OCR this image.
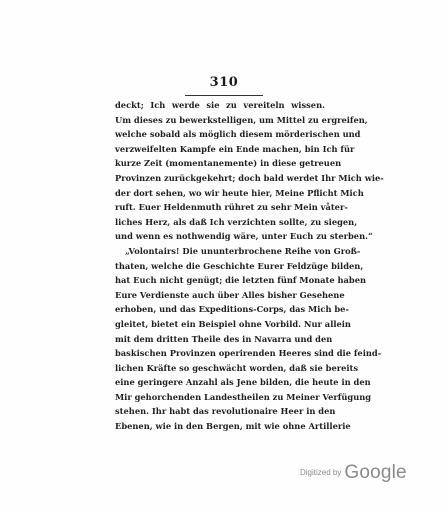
310
deckt; Ich werde sie zu vereiteln wissen.
Um dieses zu bewerkstelligen, um Mittel zu ergreifen,
welche sobald als möglich diesem mörderischen und
verzweifelten Kampfe ein Ende machen, bin Ich für
kurze Zeit (momentanemente) in diese getreuen
Provinzen zurückgekehrt; doch bald werdet Ihr Mich wie-
der dort sehen, wo wir heute hier, Meine Pflicht Mich
ruft. Euer Heldenmuth rühret zu sehr Mein våter-
liches Herz, als daß Ich verzichten sollte, zu siegen,
und wenn es nothwendig wäre, unter Euch zu sterben.“
„Volontairs! Die ununterbrochene Reihe von Groß-
thaten, welche die Geschichte Eurer Feldzüge bilden,
hat Euch nicht genügt; die letzten fünf Monate haben
Eure Verdienste auch über Alles bisher Gesehene
erhoben, und das Expeditions-Corps, das Mich be-
gleitet, bietet ein Beispiel ohne Vorbild. Nur allein
mit dem dritten Theile des in Navarra und den
baskischen Provinzen operirenden Heeres sind die feind-
lichen Kräfte so geschwächt worden, daß sie bereits
eine geringere Anzahl als Jene bilden, die heute in den
Mir gehorchenden Landestheilen zu Meiner Verfügung
stehen. Ihr habt das revolutionaire Heer in den
Ebenen, wie in den Bergen, mit wie ohne Artillerie
Digitized by Google
